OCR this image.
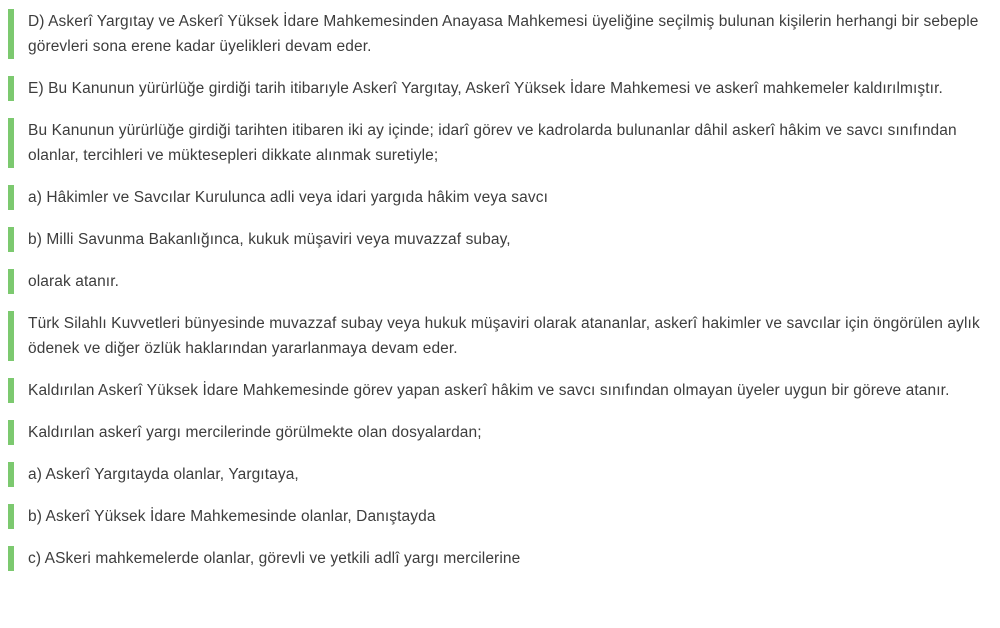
D) Askerî Yargıtay ve Askerî Yüksek İdare Mahkemesinden Anayasa Mahkemesi üyeliğine seçilmiş bulunan kişilerin herhangi bir sebeple görevleri sona erene kadar üyelikleri devam eder.

E) Bu Kanunun yürürlüğe girdiği tarih itibarıyle Askerî Yargıtay, Askerî Yüksek İdare Mahkemesi ve askerî mahkemeler kaldırılmıştır.

Bu Kanunun yürürlüğe girdiği tarihten itibaren iki ay içinde; idarî görev ve kadrolarda bulunanlar dâhil askerî hâkim ve savcı sınıfından olanlar, tercihleri ve müktesepleri dikkate alınmak suretiyle;

a) Hâkimler ve Savcılar Kurulunca adli veya idari yargıda hâkim veya savcı

b) Milli Savunma Bakanlığınca, kukuk müşaviri veya muvazzaf subay,

olarak atanır.

Türk Silahlı Kuvvetleri bünyesinde muvazzaf subay veya hukuk müşaviri olarak atananlar, askerî hakimler ve savcılar için öngörülen aylık ödenek ve diğer özlük haklarından yararlanmaya devam eder.

Kaldırılan Askerî Yüksek İdare Mahkemesinde görev yapan askerî hâkim ve savcı sınıfından olmayan üyeler uygun bir göreve atanır.

Kaldırılan askerî yargı mercilerinde görülmekte olan dosyalardan;

a) Askerî Yargıtayda olanlar, Yargıtaya,

b) Askerî Yüksek İdare Mahkemesinde olanlar, Danıştayda

c) ASkeri mahkemelerde olanlar, görevli ve yetkili adlî yargı mercilerine
